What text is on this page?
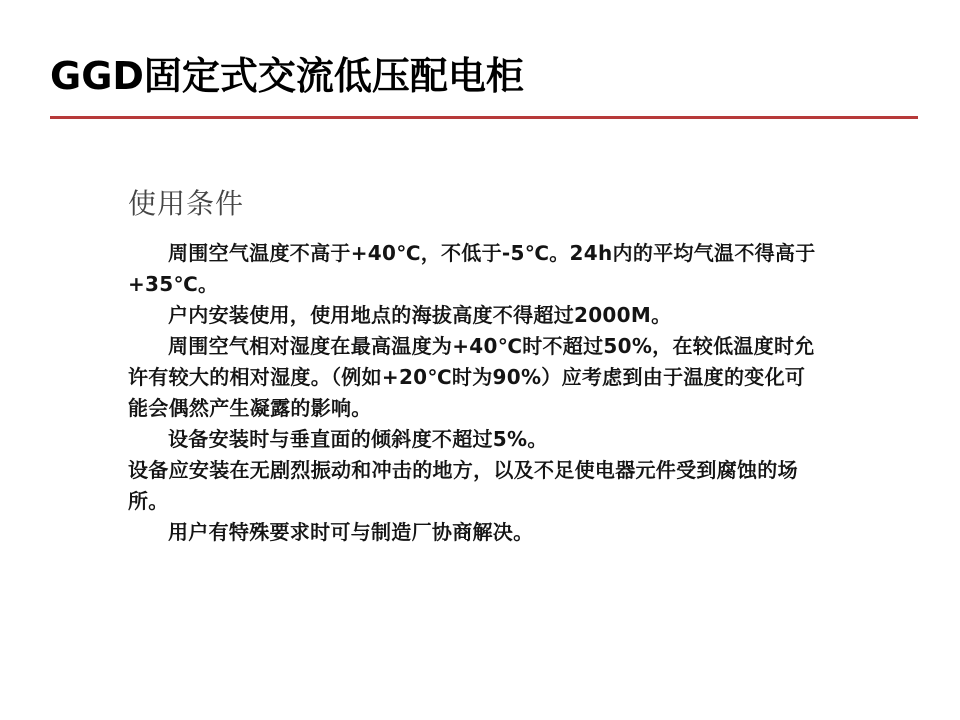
GGD固定式交流低压配电柜
使用条件

周围空气温度不高于+40℃，不低于-5℃。24h内的平均气温不得高于+35℃。

户内安装使用，使用地点的海拔高度不得超过2000M。

周围空气相对湿度在最高温度为+40℃时不超过50%，在较低温度时允许有较大的相对湿度。（例如+20℃时为90%）应考虑到由于温度的变化可能会偶然产生凝露的影响。

设备安装时与垂直面的倾斜度不超过5%。

设备应安装在无剧烈振动和冲击的地方，以及不足使电器元件受到腐蚀的场所。

用户有特殊要求时可与制造厂协商解决。
